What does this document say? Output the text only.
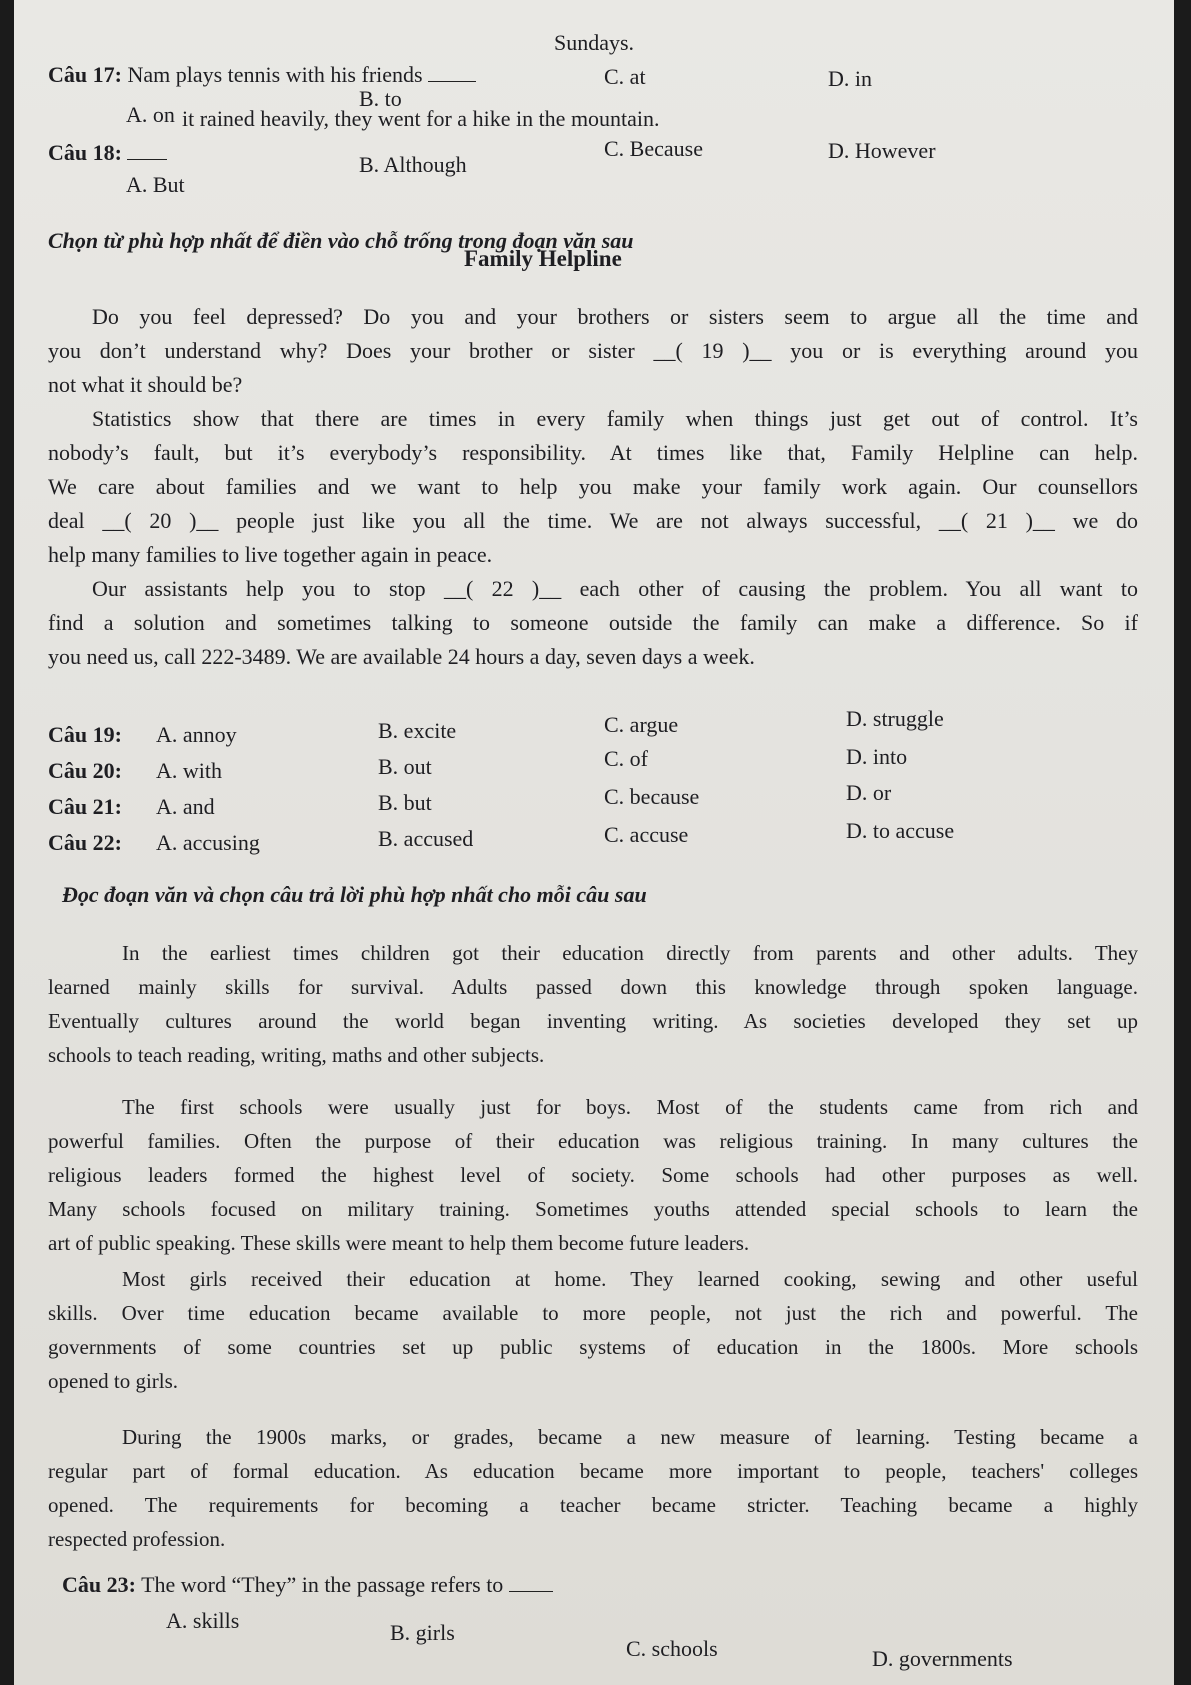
Sundays.
Câu 17: Nam plays tennis with his friends
A. on
B. to
C. at	D. in
Câu 18:
it rained heavily, they went for a hike in the mountain.
A. But
B. Although
C. Because	D. However
Chọn từ phù hợp nhất để điền vào chỗ trống trong đoạn văn sau
Family Helpline
Do you feel depressed? Do you and your brothers or sisters seem to argue all the time and
you don’t understand why? Does your brother or sister __( 19 )__ you or is everything around you
not what it should be?
Statistics show that there are times in every family when things just get out of control. It’s
nobody’s fault, but it’s everybody’s responsibility. At times like that, Family Helpline can help.
We care about families and we want to help you make your family work again. Our counsellors
deal __( 20 )__ people just like you all the time. We are not always successful, __( 21 )__ we do
help many families to live together again in peace.
Our assistants help you to stop __( 22 )__ each other of causing the problem. You all want to
find a solution and sometimes talking to someone outside the family can make a difference. So if
you need us, call 222-3489. We are available 24 hours a day, seven days a week.
Câu 19: A. annoy	B. excite	C. argue	D. struggle
Câu 20: A. with	B. out	C. of	D. into
Câu 21: A. and	B. but	C. because	D. or
Câu 22: A. accusing	B. accused	C. accuse	D. to accuse
Đọc đoạn văn và chọn câu trả lời phù hợp nhất cho mỗi câu sau
In the earliest times children got their education directly from parents and other adults. They
learned mainly skills for survival. Adults passed down this knowledge through spoken language.
Eventually cultures around the world began inventing writing. As societies developed they set up
schools to teach reading, writing, maths and other subjects.
The first schools were usually just for boys. Most of the students came from rich and
powerful families. Often the purpose of their education was religious training. In many cultures the
religious leaders formed the highest level of society. Some schools had other purposes as well.
Many schools focused on military training. Sometimes youths attended special schools to learn the
art of public speaking. These skills were meant to help them become future leaders.
Most girls received their education at home. They learned cooking, sewing and other useful
skills. Over time education became available to more people, not just the rich and powerful. The
governments of some countries set up public systems of education in the 1800s. More schools
opened to girls.
During the 1900s marks, or grades, became a new measure of learning. Testing became a
regular part of formal education. As education became more important to people, teachers' colleges
opened. The requirements for becoming a teacher became stricter. Teaching became a highly
respected profession.
Câu 23: The word “They” in the passage refers to
A. skills	B. girls
C. schools	D. governments
